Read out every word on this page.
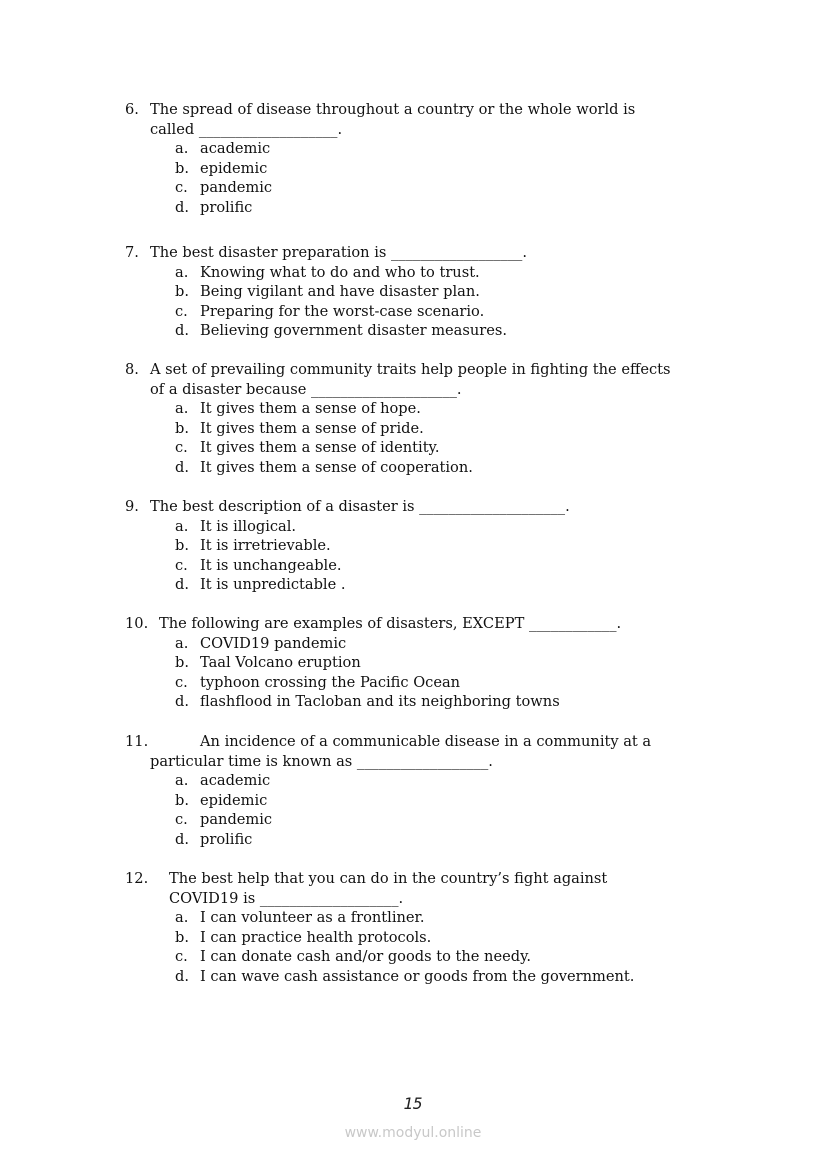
6. The spread of disease throughout a country or the whole world is
called ___________________.
a. academic
b. epidemic
c. pandemic
d. prolific
7. The best disaster preparation is __________________.
a. Knowing what to do and who to trust.
b. Being vigilant and have disaster plan.
c. Preparing for the worst-case scenario.
d. Believing government disaster measures.
8. A set of prevailing community traits help people in fighting the effects
of a disaster because ____________________.
a. It gives them a sense of hope.
b. It gives them a sense of pride.
c. It gives them a sense of identity.
d. It gives them a sense of cooperation.
9. The best description of a disaster is ____________________.
a. It is illogical.
b. It is irretrievable.
c. It is unchangeable.
d. It is unpredictable .
10. The following are examples of disasters, EXCEPT ____________.
a. COVID19 pandemic
b. Taal Volcano eruption
c. typhoon crossing the Pacific Ocean
d. flashflood in Tacloban and its neighboring towns
11.	An incidence of a communicable disease in a community at a
particular time is known as __________________.
a. academic
b. epidemic
c. pandemic
d. prolific
12. The best help that you can do in the country’s fight against
COVID19 is ___________________.
a. I can volunteer as a frontliner.
b. I can practice health protocols.
c. I can donate cash and/or goods to the needy.
d. I can wave cash assistance or goods from the government.
15
www.modyul.online
